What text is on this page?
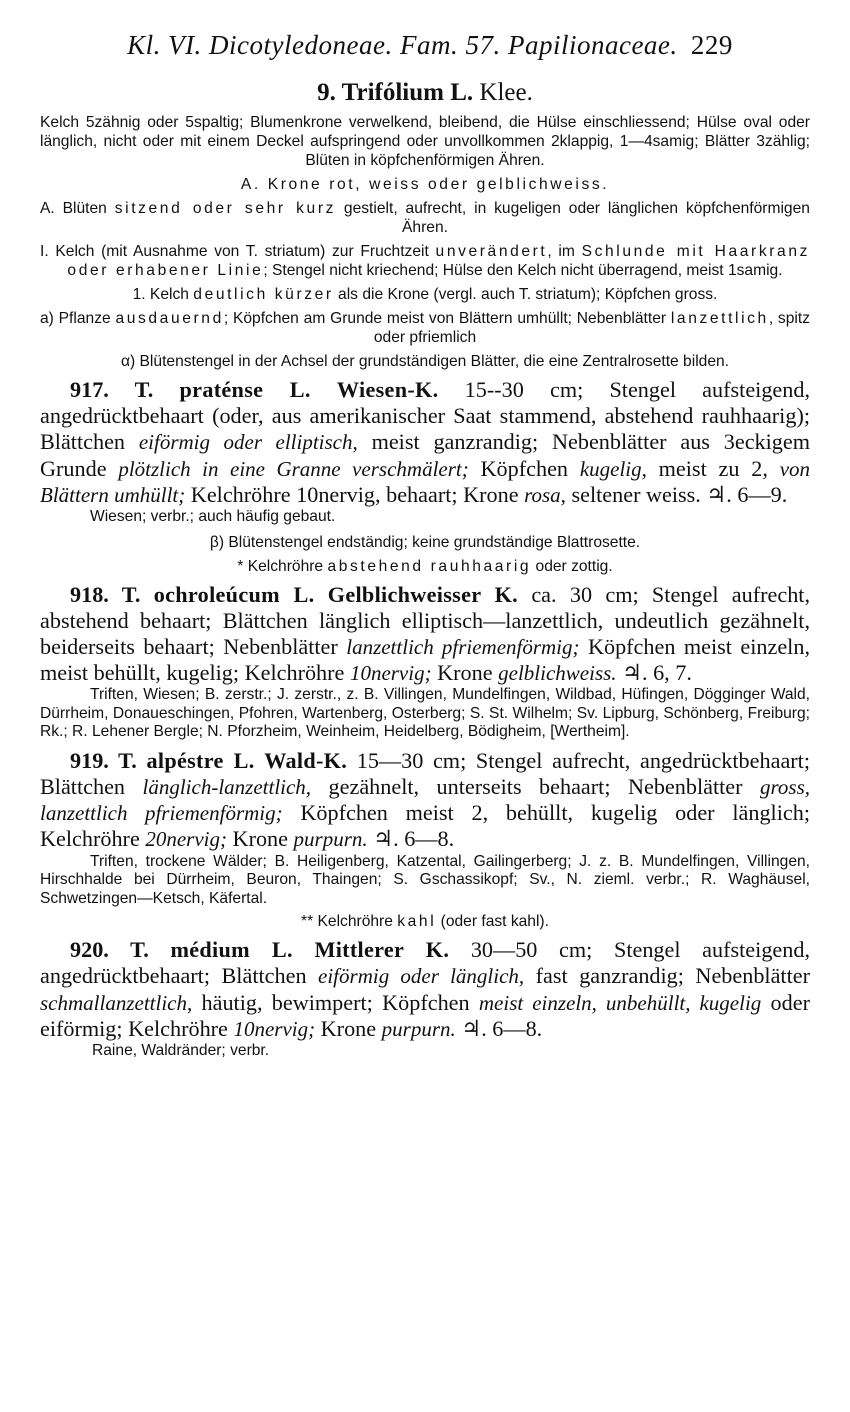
Kl. VI. Dicotyledoneae. Fam. 57. Papilionaceae. 229
9. Trifólium L. Klee.
Kelch 5zähnig oder 5spaltig; Blumenkrone verwelkend, bleibend, die Hülse einschliessend; Hülse oval oder länglich, nicht oder mit einem Deckel aufspringend oder unvollkommen 2klappig, 1—4samig; Blätter 3zählig; Blüten in köpfchenförmigen Ähren.
A. Krone rot, weiss oder gelblichweiss.
A. Blüten sitzend oder sehr kurz gestielt, aufrecht, in kugeligen oder länglichen köpfchenförmigen Ähren.
I. Kelch (mit Ausnahme von T. striatum) zur Fruchtzeit unverändert, im Schlunde mit Haarkranz oder erhabener Linie; Stengel nicht kriechend; Hülse den Kelch nicht überragend, meist 1samig.
1. Kelch deutlich kürzer als die Krone (vergl. auch T. striatum); Köpfchen gross.
a) Pflanze ausdauernd; Köpfchen am Grunde meist von Blättern umhüllt; Nebenblätter lanzettlich, spitz oder pfriemlich
α) Blütenstengel in der Achsel der grundständigen Blätter, die eine Zentralrosette bilden.
917. T. praténse L. Wiesen-K. 15--30 cm; Stengel aufsteigend, angedrücktbehaart (oder, aus amerikanischer Saat stammend, abstehend rauhhaarig); Blättchen eiförmig oder elliptisch, meist ganzrandig; Nebenblätter aus 3eckigem Grunde plötzlich in eine Granne verschmälert; Köpfchen kugelig, meist zu 2, von Blättern umhüllt; Kelchröhre 10nervig, behaart; Krone rosa, seltener weiss. ♃. 6—9.
Wiesen; verbr.; auch häufig gebaut.
β) Blütenstengel endständig; keine grundständige Blattrosette.
* Kelchröhre abstehend rauhhaarig oder zottig.
918. T. ochroleúcum L. Gelblichweisser K. ca. 30 cm; Stengel aufrecht, abstehend behaart; Blättchen länglich elliptisch—lanzettlich, undeutlich gezähnelt, beiderseits behaart; Nebenblätter lanzettlich pfriemenförmig; Köpfchen meist einzeln, meist behüllt, kugelig; Kelchröhre 10nervig; Krone gelblichweiss. ♃. 6, 7.
Triften, Wiesen; B. zerstr.; J. zerstr., z. B. Villingen, Mundelfingen, Wildbad, Hüfingen, Dögginger Wald, Dürrheim, Donaueschingen, Pfohren, Wartenberg, Osterberg; S. St. Wilhelm; Sv. Lipburg, Schönberg, Freiburg; Rk.; R. Lehener Bergle; N. Pforzheim, Weinheim, Heidelberg, Bödigheim, [Wertheim].
919. T. alpéstre L. Wald-K. 15—30 cm; Stengel aufrecht, angedrücktbehaart; Blättchen länglich-lanzettlich, gezähnelt, unterseits behaart; Nebenblätter gross, lanzettlich pfriemenförmig; Köpfchen meist 2, behüllt, kugelig oder länglich; Kelchröhre 20nervig; Krone purpurn. ♃. 6—8.
Triften, trockene Wälder; B. Heiligenberg, Katzental, Gailingerberg; J. z. B. Mundelfingen, Villingen, Hirschhalde bei Dürrheim, Beuron, Thaingen; S. Gschassikopf; Sv., N. zieml. verbr.; R. Waghäusel, Schwetzingen—Ketsch, Käfertal.
** Kelchröhre kahl (oder fast kahl).
920. T. médium L. Mittlerer K. 30—50 cm; Stengel aufsteigend, angedrücktbehaart; Blättchen eiförmig oder länglich, fast ganzrandig; Nebenblätter schmallanzettlich, häutig, bewimpert; Köpfchen meist einzeln, unbehüllt, kugelig oder eiförmig; Kelchröhre 10nervig; Krone purpurn. ♃. 6—8.
Raine, Waldränder; verbr.
